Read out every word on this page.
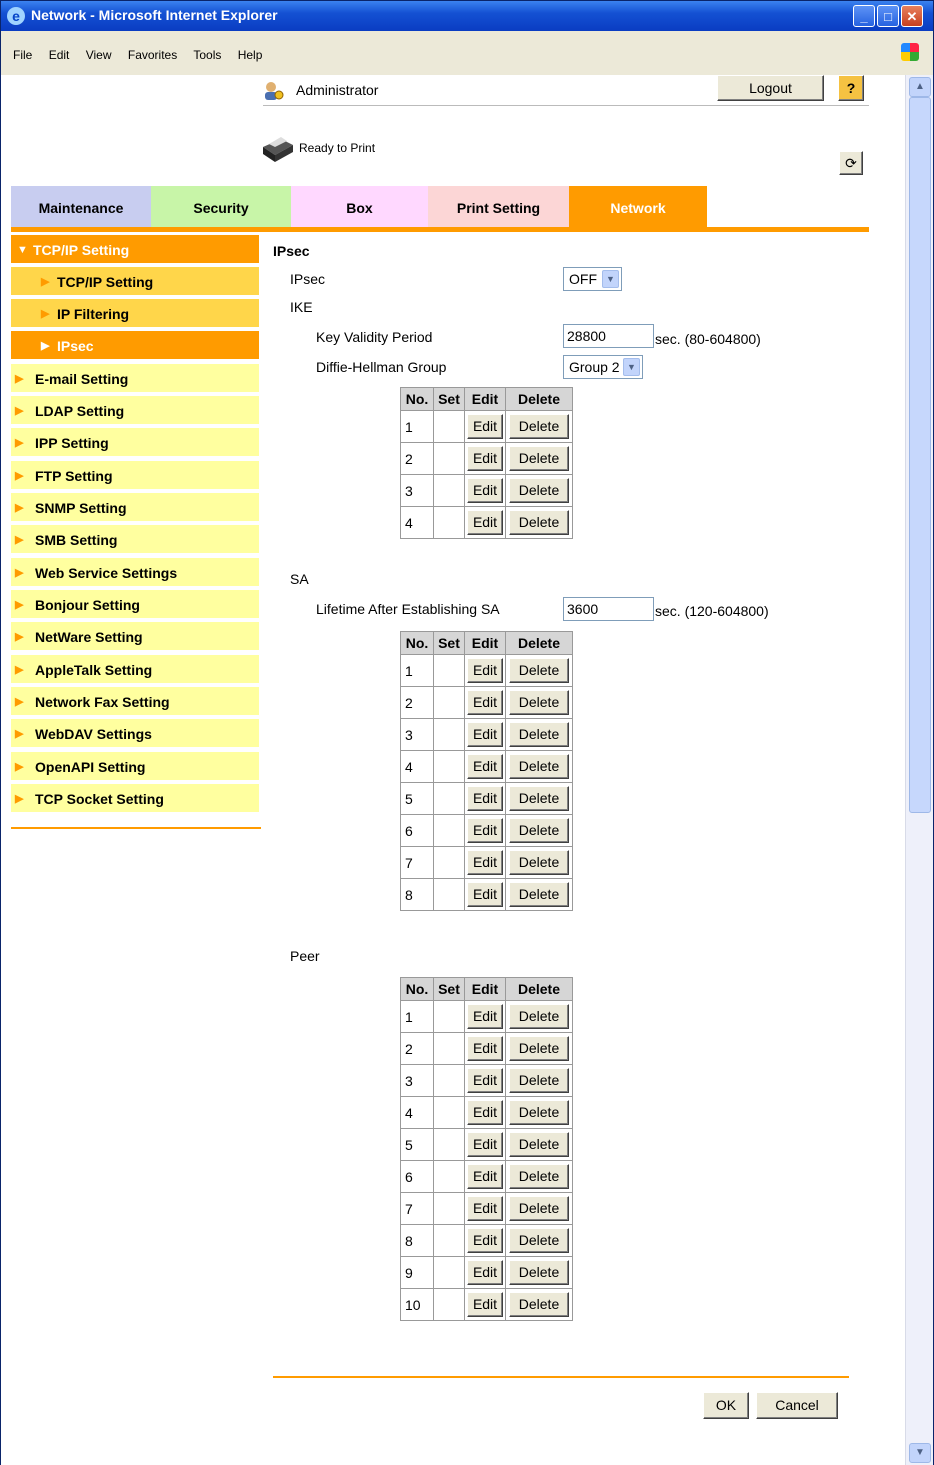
e Network - Microsoft Internet Explorer	_	□	✕
File Edit View Favorites Tools Help
Administrator	Logout	?
Ready to Print
⟳
Maintenance	Security	Box	Print Setting	Network
▼ TCP/IP Setting
▶ TCP/IP Setting
▶ IP Filtering
▶ IPsec
▶ E-mail Setting
▶ LDAP Setting
▶ IPP Setting
▶ FTP Setting
▶ SNMP Setting
▶ SMB Setting
▶ Web Service Settings
▶ Bonjour Setting
▶ NetWare Setting
▶ AppleTalk Setting
▶ Network Fax Setting
▶ WebDAV Settings
▶ OpenAPI Setting
▶ TCP Socket Setting
IPsec
IPsec	OFF	▼
IKE
Key Validity Period
28800	sec. (80-604800)
Diffie-Hellman Group	Group 2 ▼
No.	Set	Edit	Delete
1		Edit	Delete
2		Edit	Delete
3		Edit	Delete
4		Edit	Delete
SA
Lifetime After Establishing SA
3600	sec. (120-604800)
No.	Set	Edit	Delete
1		Edit	Delete
2		Edit	Delete
3		Edit	Delete
4		Edit	Delete
5		Edit	Delete
6		Edit	Delete
7		Edit	Delete
8		Edit	Delete
Peer
No.	Set	Edit	Delete
1		Edit	Delete
2		Edit	Delete
3		Edit	Delete
4		Edit	Delete
5		Edit	Delete
6		Edit	Delete
7		Edit	Delete
8		Edit	Delete
9		Edit	Delete
10		Edit	Delete
OK	Cancel
▲
▼
